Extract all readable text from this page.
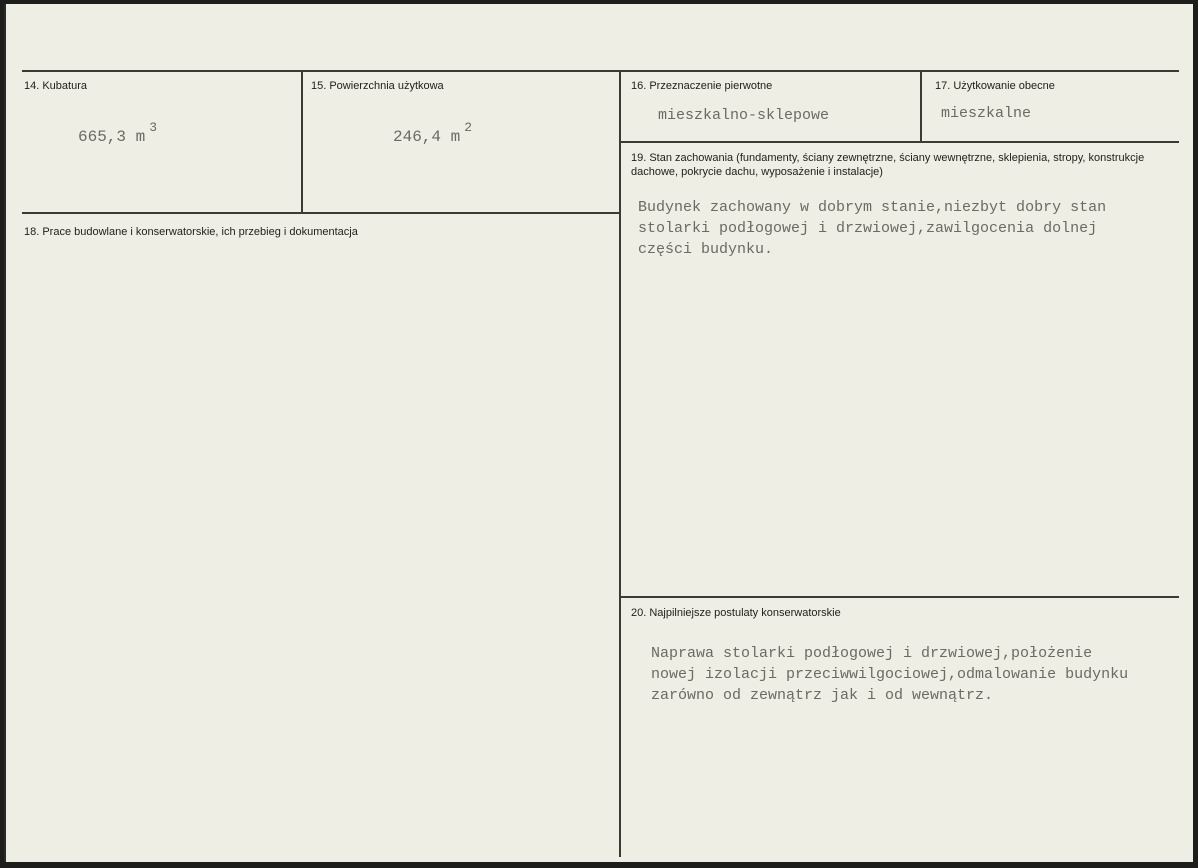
14. Kubatura
665,3 $m^3$
15. Powierzchnia użytkowa
246,4 $m^2$
16. Przeznaczenie pierwotne
mieszkalno-sklepowe
17. Użytkowanie obecne
mieszkalne
18. Prace budowlane i konserwatorskie, ich przebieg i dokumentacja
19. Stan zachowania (fundamenty, ściany zewnętrzne, ściany wewnętrzne, sklepienia, stropy, konstrukcje dachowe, pokrycie dachu, wyposażenie i instalacje)
Budynek zachowany w dobrym stanie,niezbyt dobry stan
stolarki podłogowej i drzwiowej,zawilgocenia dolnej
części budynku.
20. Najpilniejsze postulaty konserwatorskie
Naprawa stolarki podłogowej i drzwiowej,położenie
nowej izolacji przeciwwilgociowej,odmalowanie budynku
zarówno od zewnątrz jak i od wewnątrz.
